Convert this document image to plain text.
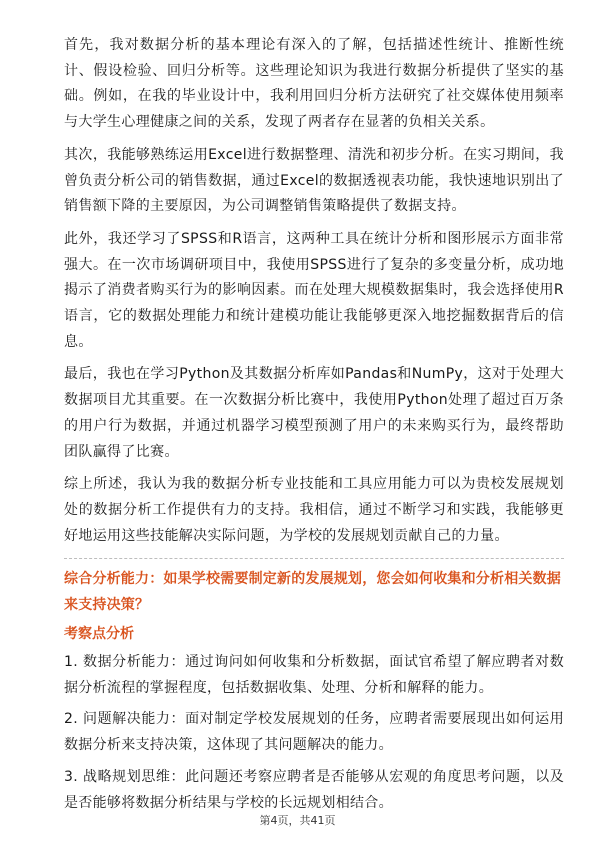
首先，我对数据分析的基本理论有深入的了解，包括描述性统计、推断性统计、假设检验、回归分析等。这些理论知识为我进行数据分析提供了坚实的基础。例如，在我的毕业设计中，我利用回归分析方法研究了社交媒体使用频率与大学生心理健康之间的关系，发现了两者存在显著的负相关关系。

其次，我能够熟练运用Excel进行数据整理、清洗和初步分析。在实习期间，我曾负责分析公司的销售数据，通过Excel的数据透视表功能，我快速地识别出了销售额下降的主要原因，为公司调整销售策略提供了数据支持。

此外，我还学习了SPSS和R语言，这两种工具在统计分析和图形展示方面非常强大。在一次市场调研项目中，我使用SPSS进行了复杂的多变量分析，成功地揭示了消费者购买行为的影响因素。而在处理大规模数据集时，我会选择使用R语言，它的数据处理能力和统计建模功能让我能够更深入地挖掘数据背后的信息。

最后，我也在学习Python及其数据分析库如Pandas和NumPy，这对于处理大数据项目尤其重要。在一次数据分析比赛中，我使用Python处理了超过百万条的用户行为数据，并通过机器学习模型预测了用户的未来购买行为，最终帮助团队赢得了比赛。

综上所述，我认为我的数据分析专业技能和工具应用能力可以为贵校发展规划处的数据分析工作提供有力的支持。我相信，通过不断学习和实践，我能够更好地运用这些技能解决实际问题，为学校的发展规划贡献自己的力量。

综合分析能力：如果学校需要制定新的发展规划，您会如何收集和分析相关数据来支持决策？

考察点分析

1. 数据分析能力：通过询问如何收集和分析数据，面试官希望了解应聘者对数据分析流程的掌握程度，包括数据收集、处理、分析和解释的能力。
2. 问题解决能力：面对制定学校发展规划的任务，应聘者需要展现出如何运用数据分析来支持决策，这体现了其问题解决的能力。
3. 战略规划思维：此问题还考察应聘者是否能够从宏观的角度思考问题，以及是否能够将数据分析结果与学校的长远规划相结合。
第4页，共41页
